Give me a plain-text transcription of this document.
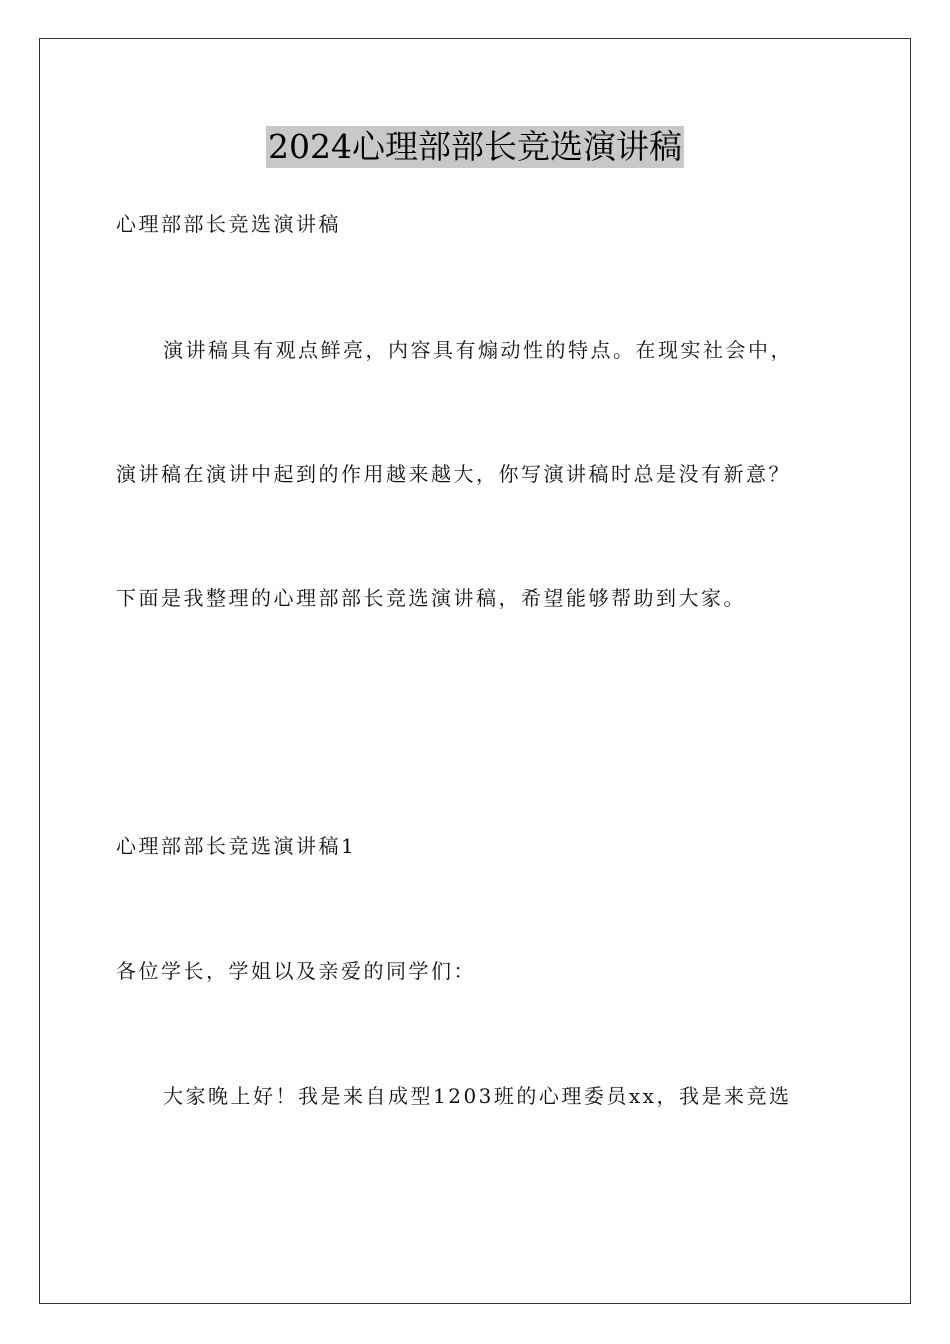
2024心理部部长竞选演讲稿
心理部部长竞选演讲稿
演讲稿具有观点鲜亮，内容具有煽动性的特点。在现实社会中，
演讲稿在演讲中起到的作用越来越大，你写演讲稿时总是没有新意？
下面是我整理的心理部部长竞选演讲稿，希望能够帮助到大家。
心理部部长竞选演讲稿1
各位学长，学姐以及亲爱的同学们：
大家晚上好！我是来自成型1203班的心理委员xx，我是来竞选
